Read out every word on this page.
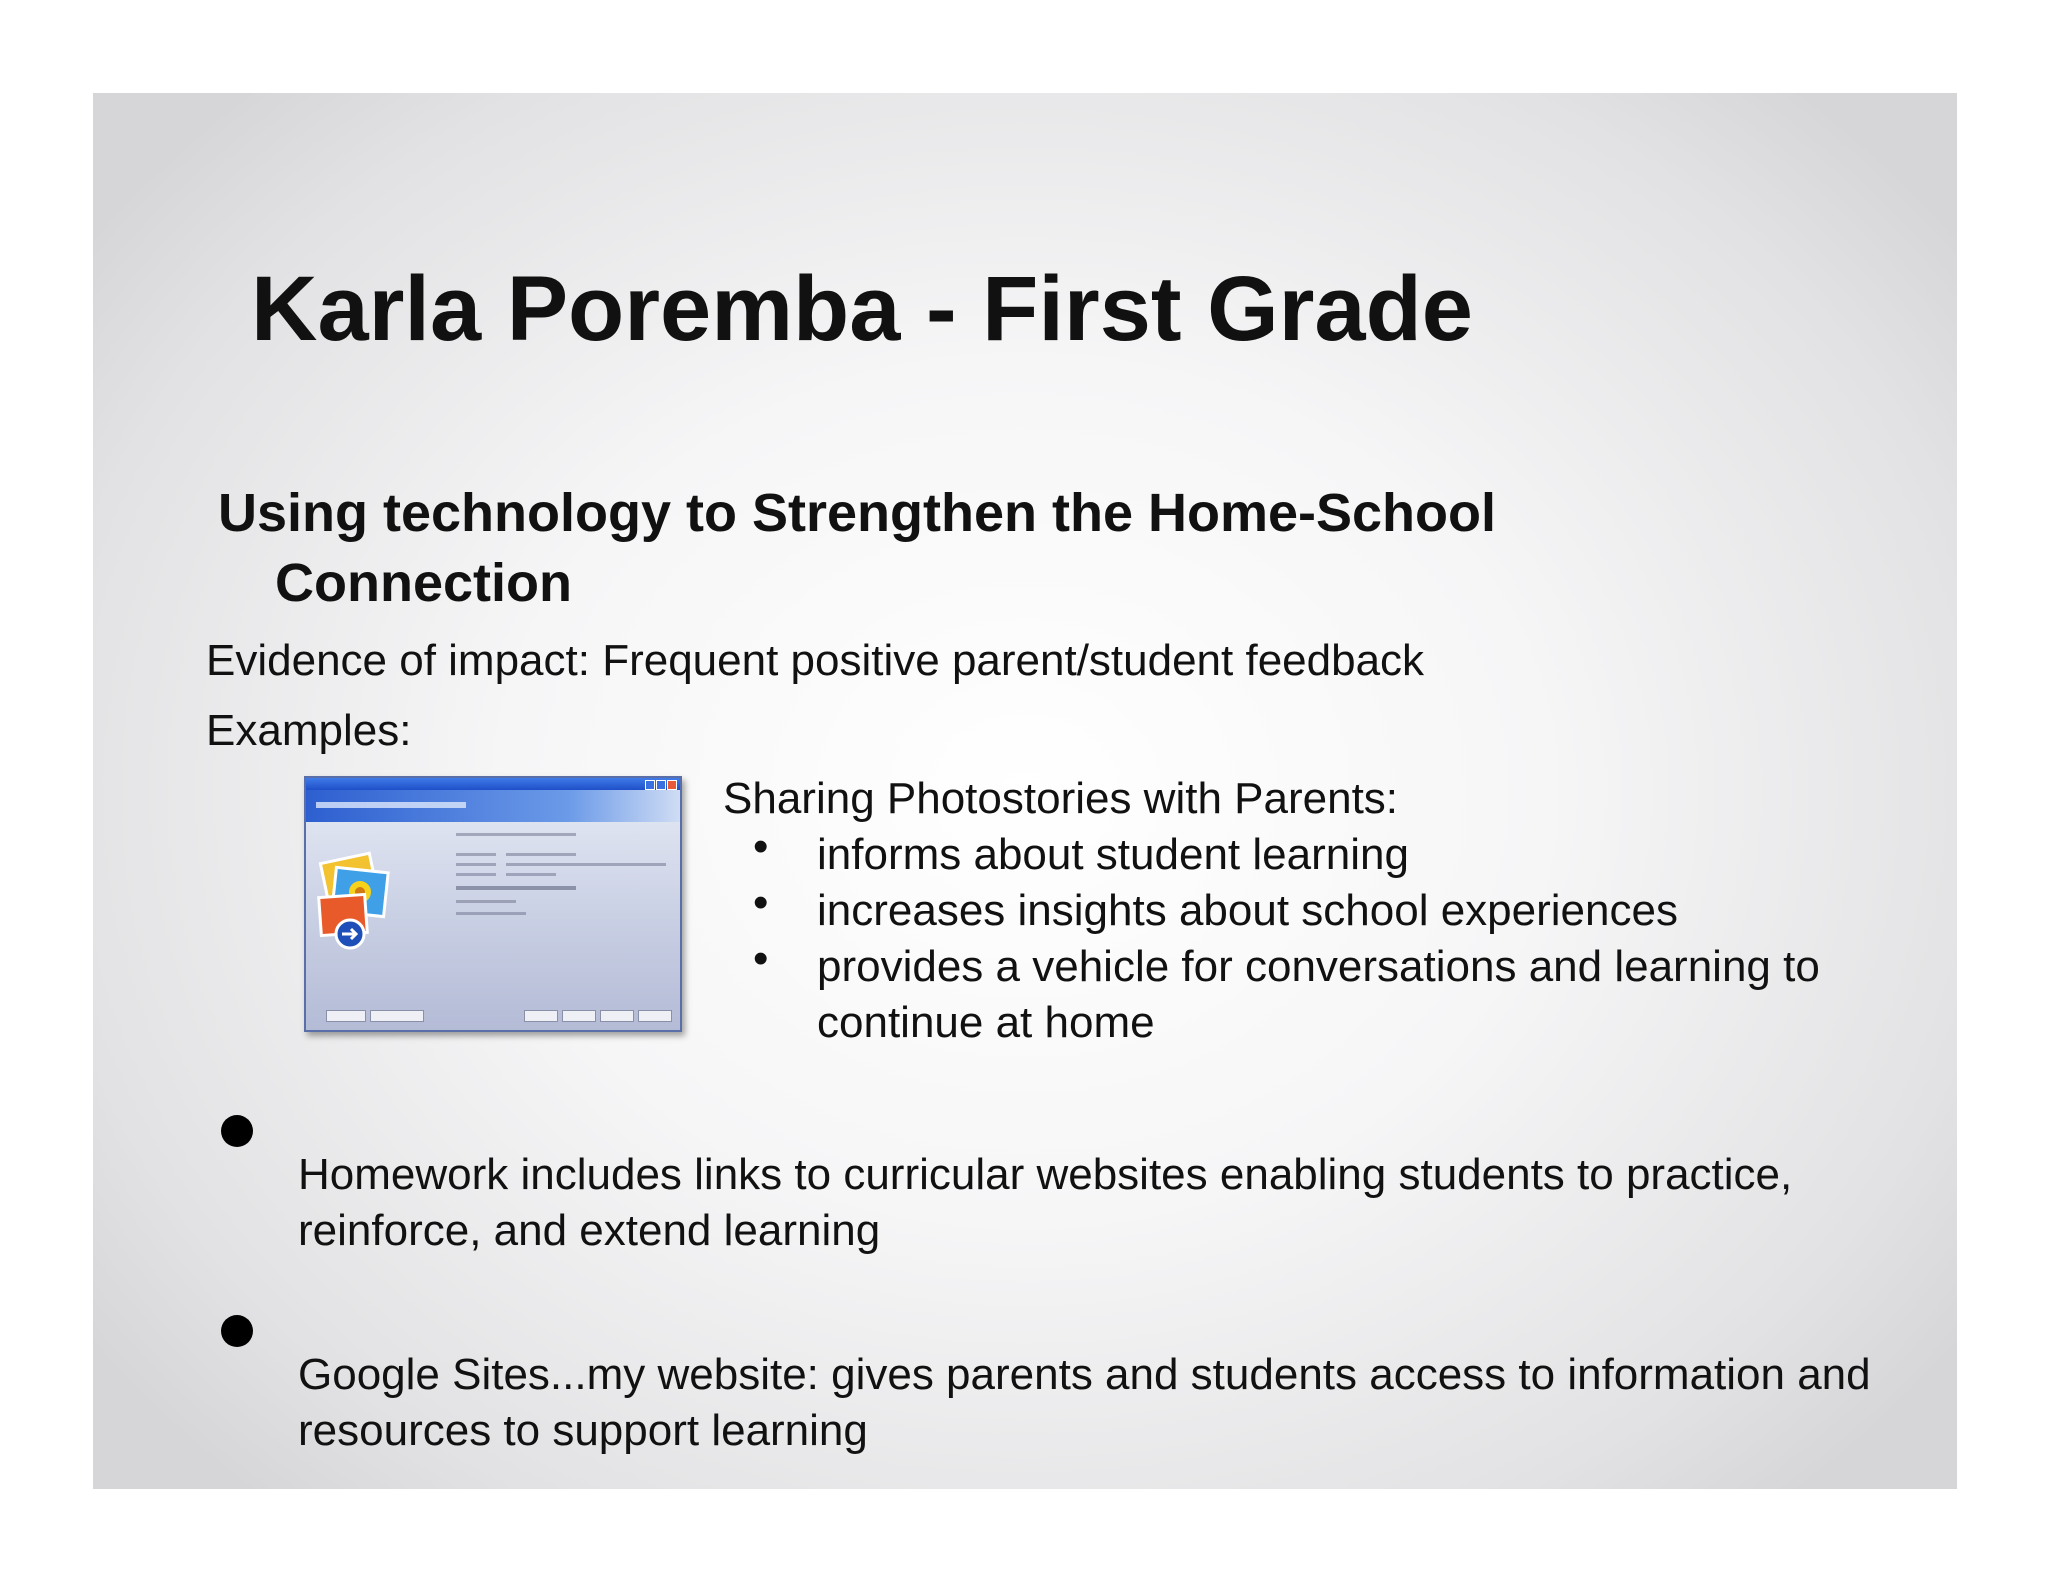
Karla Poremba - First Grade
Using technology to Strengthen the Home-School
Connection
Evidence of impact: Frequent positive parent/student feedback
Examples:
Sharing Photostories with Parents:
• informs about student learning
• increases insights about school experiences
• provides a vehicle for conversations and learning to continue at home
Homework includes links to curricular websites enabling students to practice, reinforce, and extend learning
Google Sites...my website: gives parents and students access to information and resources to support learning
